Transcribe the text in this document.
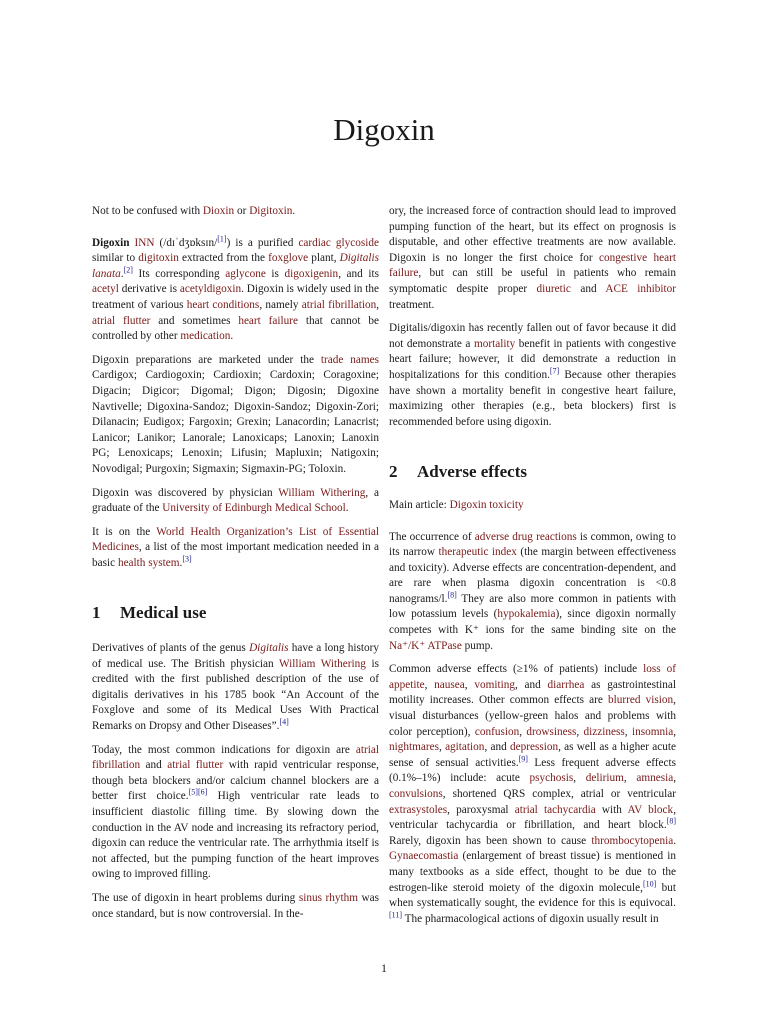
Digoxin

Not to be confused with Dioxin or Digitoxin.

Digoxin INN (/dɪˈdʒɒksɪn/[1]) is a purified cardiac glycoside similar to digitoxin extracted from the foxglove plant, Digitalis lanata.[2] Its corresponding aglycone is digoxigenin, and its acetyl derivative is acetyldigoxin. Digoxin is widely used in the treatment of various heart conditions, namely atrial fibrillation, atrial flutter and sometimes heart failure that cannot be controlled by other medication.

Digoxin preparations are marketed under the trade names Cardigox; Cardiogoxin; Cardioxin; Cardoxin; Coragoxine; Digacin; Digicor; Digomal; Digon; Digosin; Digoxine Navtivelle; Digoxina-Sandoz; Digoxin-Sandoz; Digoxin-Zori; Dilanacin; Eudigox; Fargoxin; Grexin; Lanacordin; Lanacrist; Lanicor; Lanikor; Lanorale; Lanoxicaps; Lanoxin; Lanoxin PG; Lenoxicaps; Lenoxin; Lifusin; Mapluxin; Natigoxin; Novodigal; Purgoxin; Sigmaxin; Sigmaxin-PG; Toloxin.

Digoxin was discovered by physician William Withering, a graduate of the University of Edinburgh Medical School.

It is on the World Health Organization’s List of Essential Medicines, a list of the most important medication needed in a basic health system.[3]

1 Medical use

Derivatives of plants of the genus Digitalis have a long history of medical use. The British physician William Withering is credited with the first published description of the use of digitalis derivatives in his 1785 book “An Account of the Foxglove and some of its Medical Uses With Practical Remarks on Dropsy and Other Diseases”.[4]

Today, the most common indications for digoxin are atrial fibrillation and atrial flutter with rapid ventricular response, though beta blockers and/or calcium channel blockers are a better first choice.[5][6] High ventricular rate leads to insufficient diastolic filling time. By slowing down the conduction in the AV node and increasing its refractory period, digoxin can reduce the ventricular rate. The arrhythmia itself is not affected, but the pumping function of the heart improves owing to improved filling.

The use of digoxin in heart problems during sinus rhythm was once standard, but is now controversial. In the-

ory, the increased force of contraction should lead to improved pumping function of the heart, but its effect on prognosis is disputable, and other effective treatments are now available. Digoxin is no longer the first choice for congestive heart failure, but can still be useful in patients who remain symptomatic despite proper diuretic and ACE inhibitor treatment.

Digitalis/digoxin has recently fallen out of favor because it did not demonstrate a mortality benefit in patients with congestive heart failure; however, it did demonstrate a reduction in hospitalizations for this condition.[7] Because other therapies have shown a mortality benefit in congestive heart failure, maximizing other therapies (e.g., beta blockers) first is recommended before using digoxin.

2 Adverse effects

Main article: Digoxin toxicity

The occurrence of adverse drug reactions is common, owing to its narrow therapeutic index (the margin between effectiveness and toxicity). Adverse effects are concentration-dependent, and are rare when plasma digoxin concentration is <0.8 nanograms/l.[8] They are also more common in patients with low potassium levels (hypokalemia), since digoxin normally competes with K⁺ ions for the same binding site on the Na⁺/K⁺ ATPase pump.

Common adverse effects (≥1% of patients) include loss of appetite, nausea, vomiting, and diarrhea as gastrointestinal motility increases. Other common effects are blurred vision, visual disturbances (yellow-green halos and problems with color perception), confusion, drowsiness, dizziness, insomnia, nightmares, agitation, and depression, as well as a higher acute sense of sensual activities.[9] Less frequent adverse effects (0.1%–1%) include: acute psychosis, delirium, amnesia, convulsions, shortened QRS complex, atrial or ventricular extrasystoles, paroxysmal atrial tachycardia with AV block, ventricular tachycardia or fibrillation, and heart block.[8] Rarely, digoxin has been shown to cause thrombocytopenia. Gynaecomastia (enlargement of breast tissue) is mentioned in many textbooks as a side effect, thought to be due to the estrogen-like steroid moiety of the digoxin molecule,[10] but when systematically sought, the evidence for this is equivocal.[11] The pharmacological actions of digoxin usually result in

1
